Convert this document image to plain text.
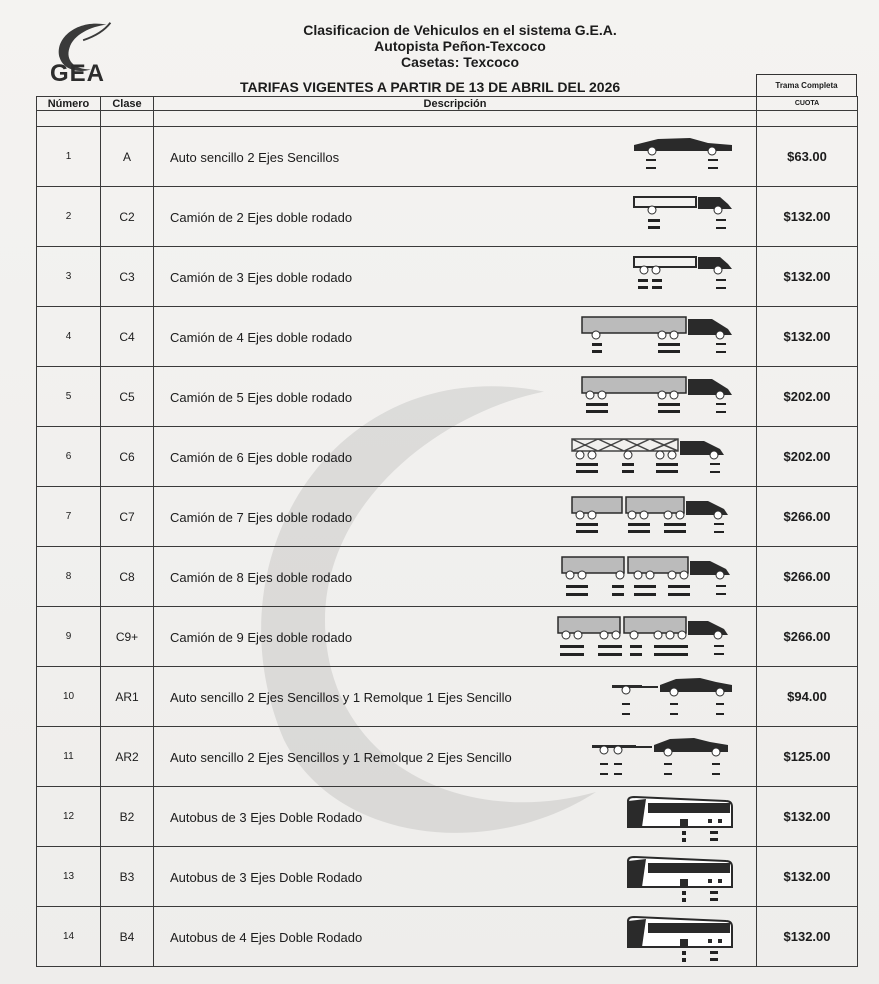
GEA
Clasificacion de Vehiculos en el sistema G.E.A.
Autopista Peñon-Texcoco
Casetas: Texcoco
TARIFAS VIGENTES A PARTIR DE 13 DE ABRIL DEL 2026	Trama Completa
Número	Clase	Descripción	CUOTA

1	A	Auto sencillo 2 Ejes Sencillos	$63.00
2	C2	Camión de 2 Ejes doble rodado	$132.00
3	C3	Camión de 3 Ejes doble rodado	$132.00
4	C4	Camión de 4 Ejes doble rodado	$132.00
5	C5	Camión de 5 Ejes doble rodado	$202.00
6	C6	Camión de 6 Ejes doble rodado	$202.00
7	C7	Camión de 7 Ejes doble rodado	$266.00
8	C8	Camión de 8 Ejes doble rodado	$266.00
9	C9+	Camión de 9 Ejes doble rodado	$266.00
10	AR1	Auto sencillo 2 Ejes Sencillos y 1 Remolque 1 Ejes Sencillo	$94.00
11	AR2	Auto sencillo 2 Ejes Sencillos y 1 Remolque 2 Ejes Sencillo	$125.00
12	B2	Autobus de 3 Ejes Doble Rodado	$132.00
13	B3	Autobus de 3 Ejes Doble Rodado	$132.00
14	B4	Autobus de 4 Ejes Doble Rodado	$132.00
